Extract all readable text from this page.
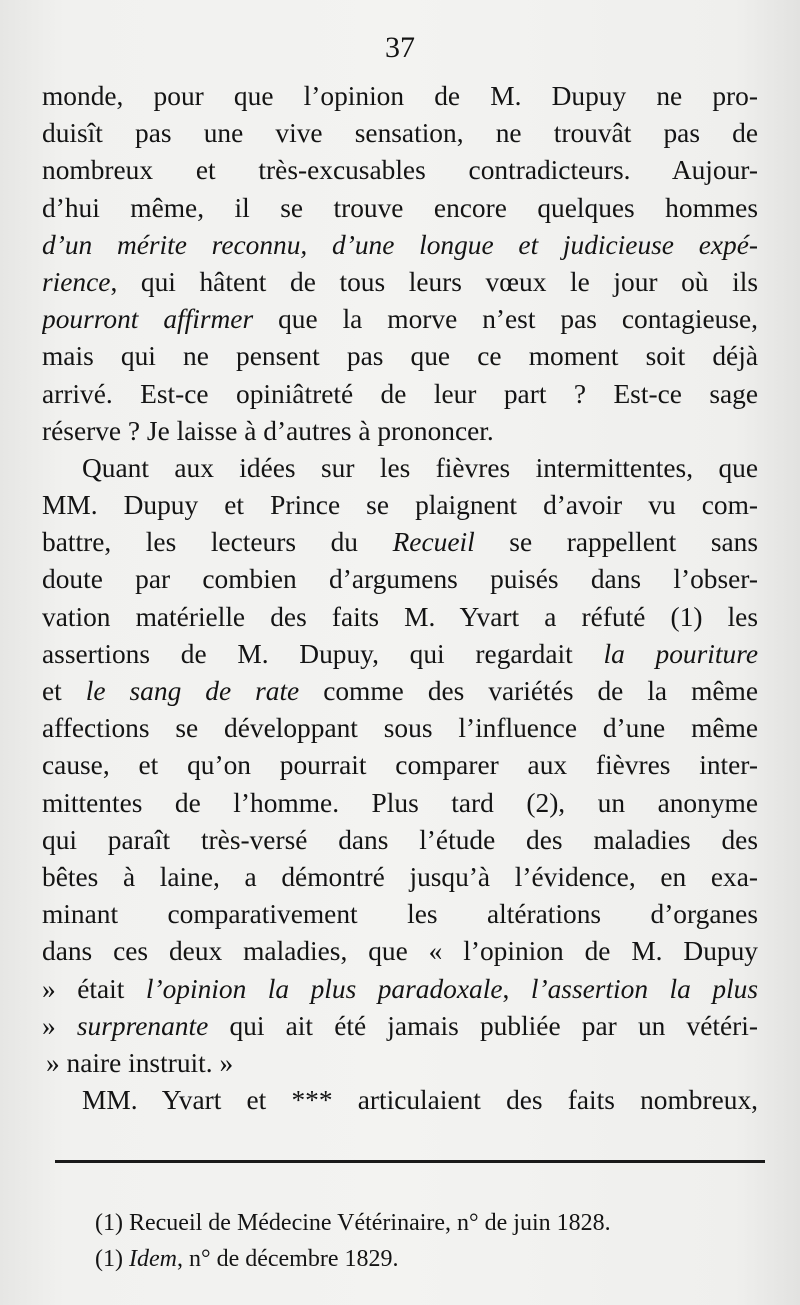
37
monde, pour que l’opinion de M. Dupuy ne pro-
duisît pas une vive sensation, ne trouvât pas de
nombreux et très-excusables contradicteurs. Aujour-
d’hui même, il se trouve encore quelques hommes
d’un mérite reconnu, d’une longue et judicieuse expé-
rience, qui hâtent de tous leurs vœux le jour où ils
pourront affirmer que la morve n’est pas contagieuse,
mais qui ne pensent pas que ce moment soit déjà
arrivé. Est-ce opiniâtreté de leur part ? Est-ce sage
réserve ? Je laisse à d’autres à prononcer.
Quant aux idées sur les fièvres intermittentes, que
MM. Dupuy et Prince se plaignent d’avoir vu com-
battre, les lecteurs du Recueil se rappellent sans
doute par combien d’argumens puisés dans l’obser-
vation matérielle des faits M. Yvart a réfuté (1) les
assertions de M. Dupuy, qui regardait la pouriture
et le sang de rate comme des variétés de la même
affections se développant sous l’influence d’une même
cause, et qu’on pourrait comparer aux fièvres inter-
mittentes de l’homme. Plus tard (2), un anonyme
qui paraît très-versé dans l’étude des maladies des
bêtes à laine, a démontré jusqu’à l’évidence, en exa-
minant comparativement les altérations d’organes
dans ces deux maladies, que « l’opinion de M. Dupuy
» était l’opinion la plus paradoxale, l’assertion la plus
» surprenante qui ait été jamais publiée par un vétéri-
» naire instruit. »
MM. Yvart et *** articulaient des faits nombreux,
(1) Recueil de Médecine Vétérinaire, n° de juin 1828.
(1) Idem, n° de décembre 1829.
